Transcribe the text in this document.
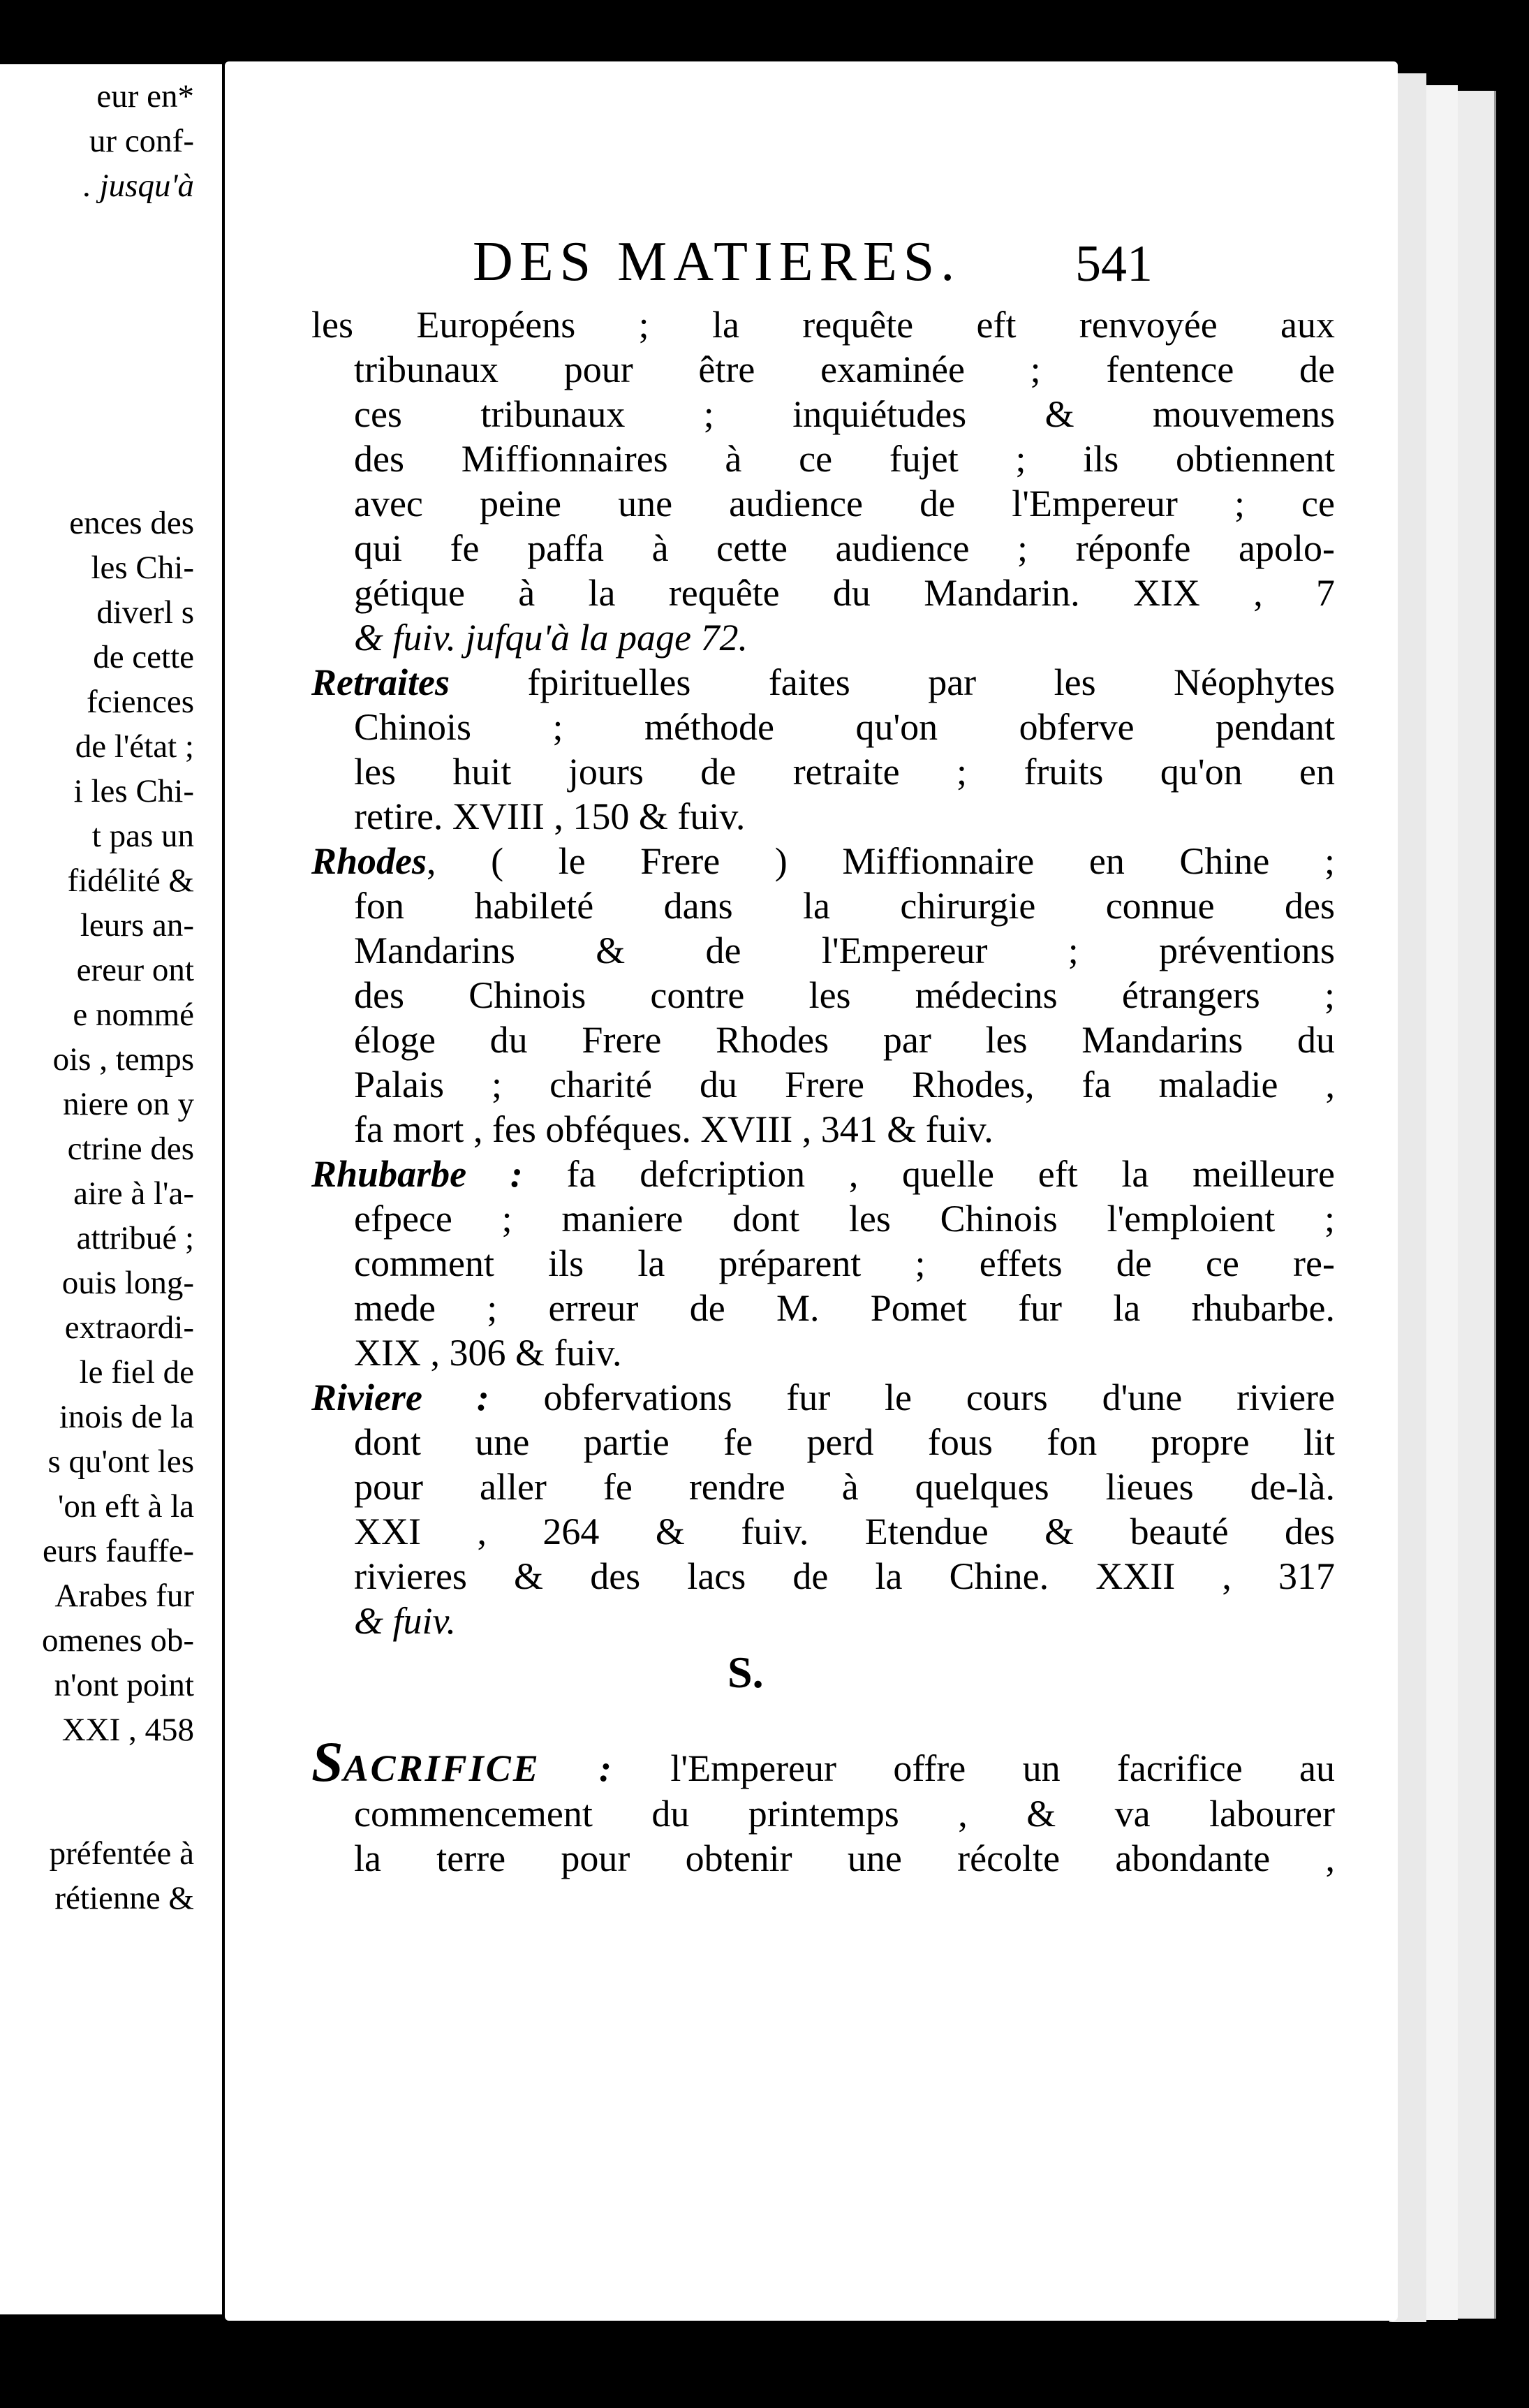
eur en*
ur conf-
. jusqu'à
ences des
les Chi-
diverl s
de cette
fciences
de l'état ;
i les Chi-
t pas un
fidélité &
leurs an-
ereur ont
e nommé
ois , temps
niere on y
ctrine des
aire à l'a-
attribué ;
ouis long-
extraordi-
le fiel de
inois de la
s qu'ont les
'on eft à la
eurs fauffe-
Arabes fur
omenes ob-
n'ont point
XXI , 458
préfentée à
rétienne &
DES MATIERES. 541
les Européens ; la requête eft renvoyée aux
tribunaux pour être examinée ; fentence de
ces tribunaux ; inquiétudes & mouvemens
des Miffionnaires à ce fujet ; ils obtiennent
avec peine une audience de l'Empereur ; ce
qui fe paffa à cette audience ; réponfe apolo-
gétique à la requête du Mandarin. XIX , 7
& fuiv. jufqu'à la page 72.
Retraites fpirituelles faites par les Néophytes
Chinois ; méthode qu'on obferve pendant
les huit jours de retraite ; fruits qu'on en
retire. XVIII , 150 & fuiv.
Rhodes, ( le Frere ) Miffionnaire en Chine ;
fon habileté dans la chirurgie connue des
Mandarins & de l'Empereur ; préventions
des Chinois contre les médecins étrangers ;
éloge du Frere Rhodes par les Mandarins du
Palais ; charité du Frere Rhodes, fa maladie ,
fa mort , fes obféques. XVIII , 341 & fuiv.
Rhubarbe : fa defcription , quelle eft la meilleure
efpece ; maniere dont les Chinois l'emploient ;
comment ils la préparent ; effets de ce re-
mede ; erreur de M. Pomet fur la rhubarbe.
XIX , 306 & fuiv.
Riviere : obfervations fur le cours d'une riviere
dont une partie fe perd fous fon propre lit
pour aller fe rendre à quelques lieues de-là.
XXI , 264 & fuiv. Etendue & beauté des
rivieres & des lacs de la Chine. XXII , 317
& fuiv.
S.
SACRIFICE : l'Empereur offre un facrifice au
commencement du printemps , & va labourer
la terre pour obtenir une récolte abondante ,
